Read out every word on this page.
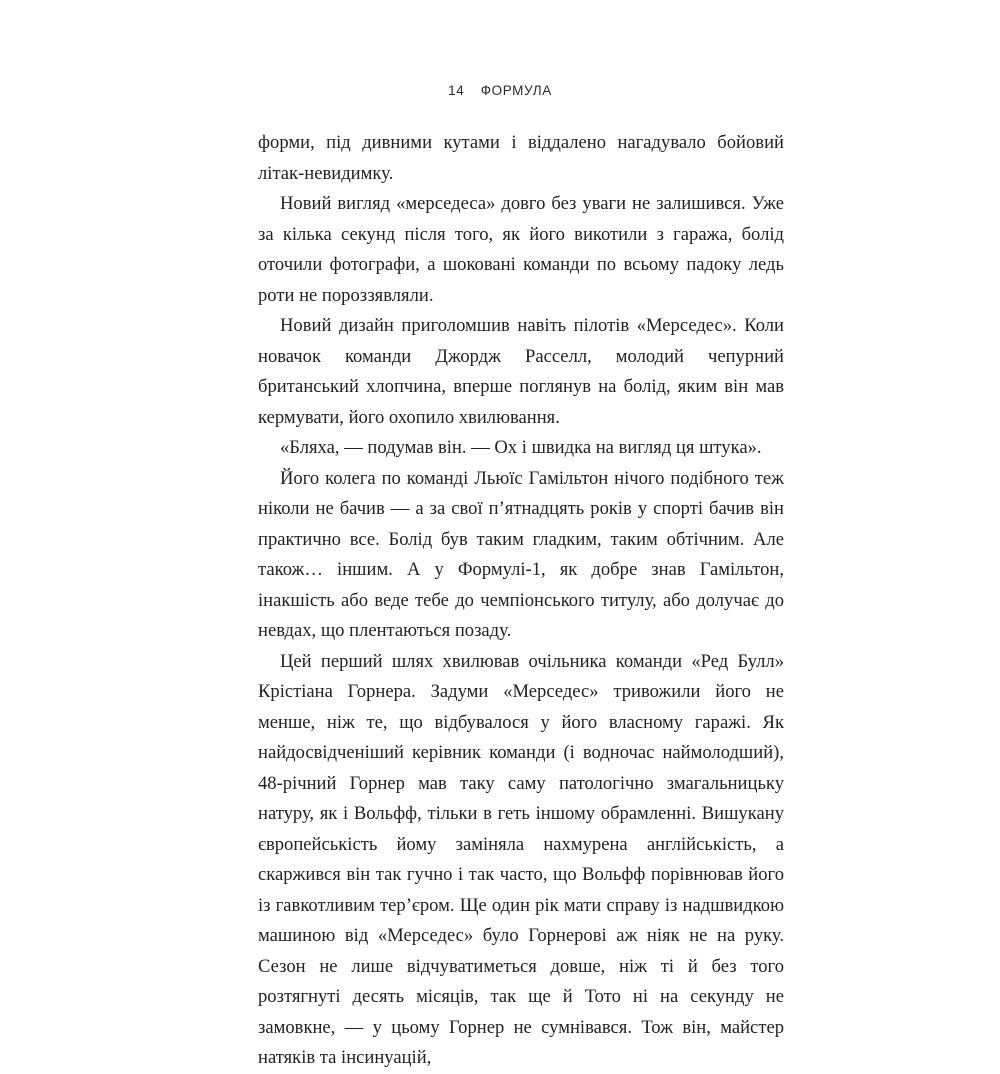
14 ФОРМУЛА

форми, під дивними кутами і віддалено нагадувало бойовий літак-невидимку.

Новий вигляд «мерседеса» довго без уваги не залишився. Уже за кілька секунд після того, як його викотили з гаража, болід оточили фотографи, а шоковані команди по всьому падоку ледь роти не пороззявляли.

Новий дизайн приголомшив навіть пілотів «Мерседес». Коли новачок команди Джордж Расселл, молодий чепурний британський хлопчина, вперше поглянув на болід, яким він мав кермувати, його охопило хвилювання.

«Бляха, — подумав він. — Ох і швидка на вигляд ця штука».

Його колега по команді Льюїс Гамільтон нічого подібного теж ніколи не бачив — а за свої п’ятнадцять років у спорті бачив він практично все. Болід був таким гладким, таким обтічним. Але також… іншим. А у Формулі-1, як добре знав Гамільтон, інакшість або веде тебе до чемпіонського титулу, або долучає до невдах, що плентаються позаду.

Цей перший шлях хвилював очільника команди «Ред Булл» Крістіана Горнера. Задуми «Мерседес» тривожили його не менше, ніж те, що відбувалося у його власному гаражі. Як найдосвідченіший керівник команди (і водночас наймолодший), 48-річний Горнер мав таку саму патологічно змагальницьку натуру, як і Вольфф, тільки в геть іншому обрамленні. Вишукану європейськість йому заміняла нахмурена англійськість, а скаржився він так гучно і так часто, що Вольфф порівнював його із гавкотливим тер’єром. Ще один рік мати справу із надшвидкою машиною від «Мерседес» було Горнерові аж ніяк не на руку. Сезон не лише відчуватиметься довше, ніж ті й без того розтягнуті десять місяців, так ще й Тото ні на секунду не замовкне, — у цьому Горнер не сумнівався. Тож він, майстер натяків та інсинуацій,
